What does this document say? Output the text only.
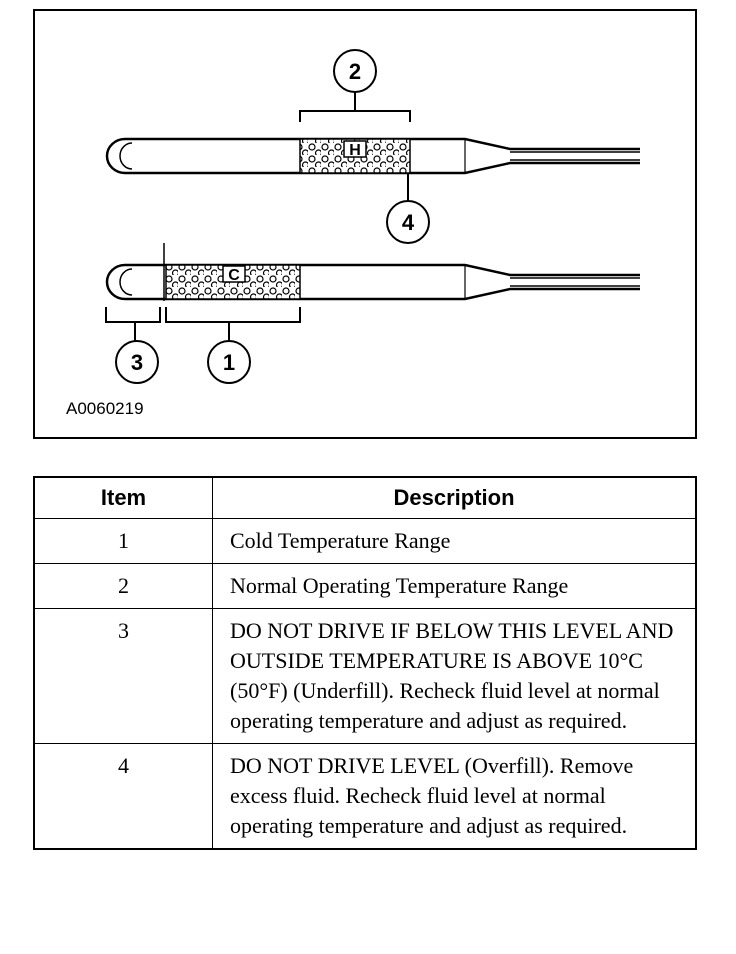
H
C
2
4
3	1
A0060219
Item	Description
1	Cold Temperature Range
2	Normal Operating Temperature Range
3	DO NOT DRIVE IF BELOW THIS LEVEL AND OUTSIDE TEMPERATURE IS ABOVE 10°C (50°F) (Underfill). Recheck fluid level at normal operating temperature and adjust as required.
4	DO NOT DRIVE LEVEL (Overfill). Remove excess fluid. Recheck fluid level at normal operating temperature and adjust as required.
